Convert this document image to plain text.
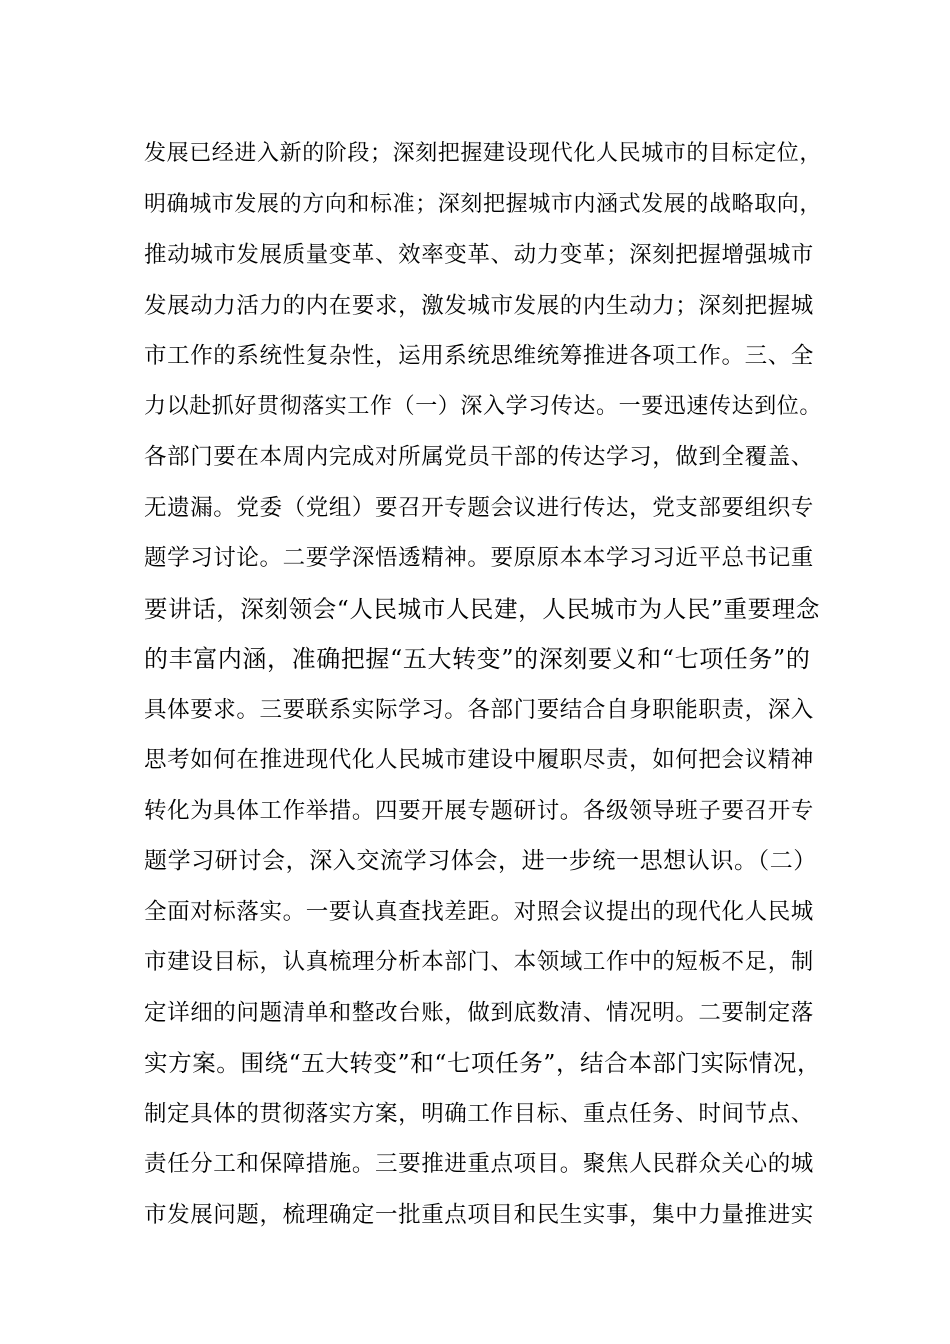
发展已经进入新的阶段；深刻把握建设现代化人民城市的目标定位，
明确城市发展的方向和标准；深刻把握城市内涵式发展的战略取向，
推动城市发展质量变革、效率变革、动力变革；深刻把握增强城市
发展动力活力的内在要求，激发城市发展的内生动力；深刻把握城
市工作的系统性复杂性，运用系统思维统筹推进各项工作。三、全
力以赴抓好贯彻落实工作（一）深入学习传达。一要迅速传达到位。
各部门要在本周内完成对所属党员干部的传达学习，做到全覆盖、
无遗漏。党委（党组）要召开专题会议进行传达，党支部要组织专
题学习讨论。二要学深悟透精神。要原原本本学习习近平总书记重
要讲话，深刻领会“人民城市人民建，人民城市为人民”重要理念
的丰富内涵，准确把握“五大转变”的深刻要义和“七项任务”的
具体要求。三要联系实际学习。各部门要结合自身职能职责，深入
思考如何在推进现代化人民城市建设中履职尽责，如何把会议精神
转化为具体工作举措。四要开展专题研讨。各级领导班子要召开专
题学习研讨会，深入交流学习体会，进一步统一思想认识。（二）
全面对标落实。一要认真查找差距。对照会议提出的现代化人民城
市建设目标，认真梳理分析本部门、本领域工作中的短板不足，制
定详细的问题清单和整改台账，做到底数清、情况明。二要制定落
实方案。围绕“五大转变”和“七项任务”，结合本部门实际情况，
制定具体的贯彻落实方案，明确工作目标、重点任务、时间节点、
责任分工和保障措施。三要推进重点项目。聚焦人民群众关心的城
市发展问题，梳理确定一批重点项目和民生实事，集中力量推进实
